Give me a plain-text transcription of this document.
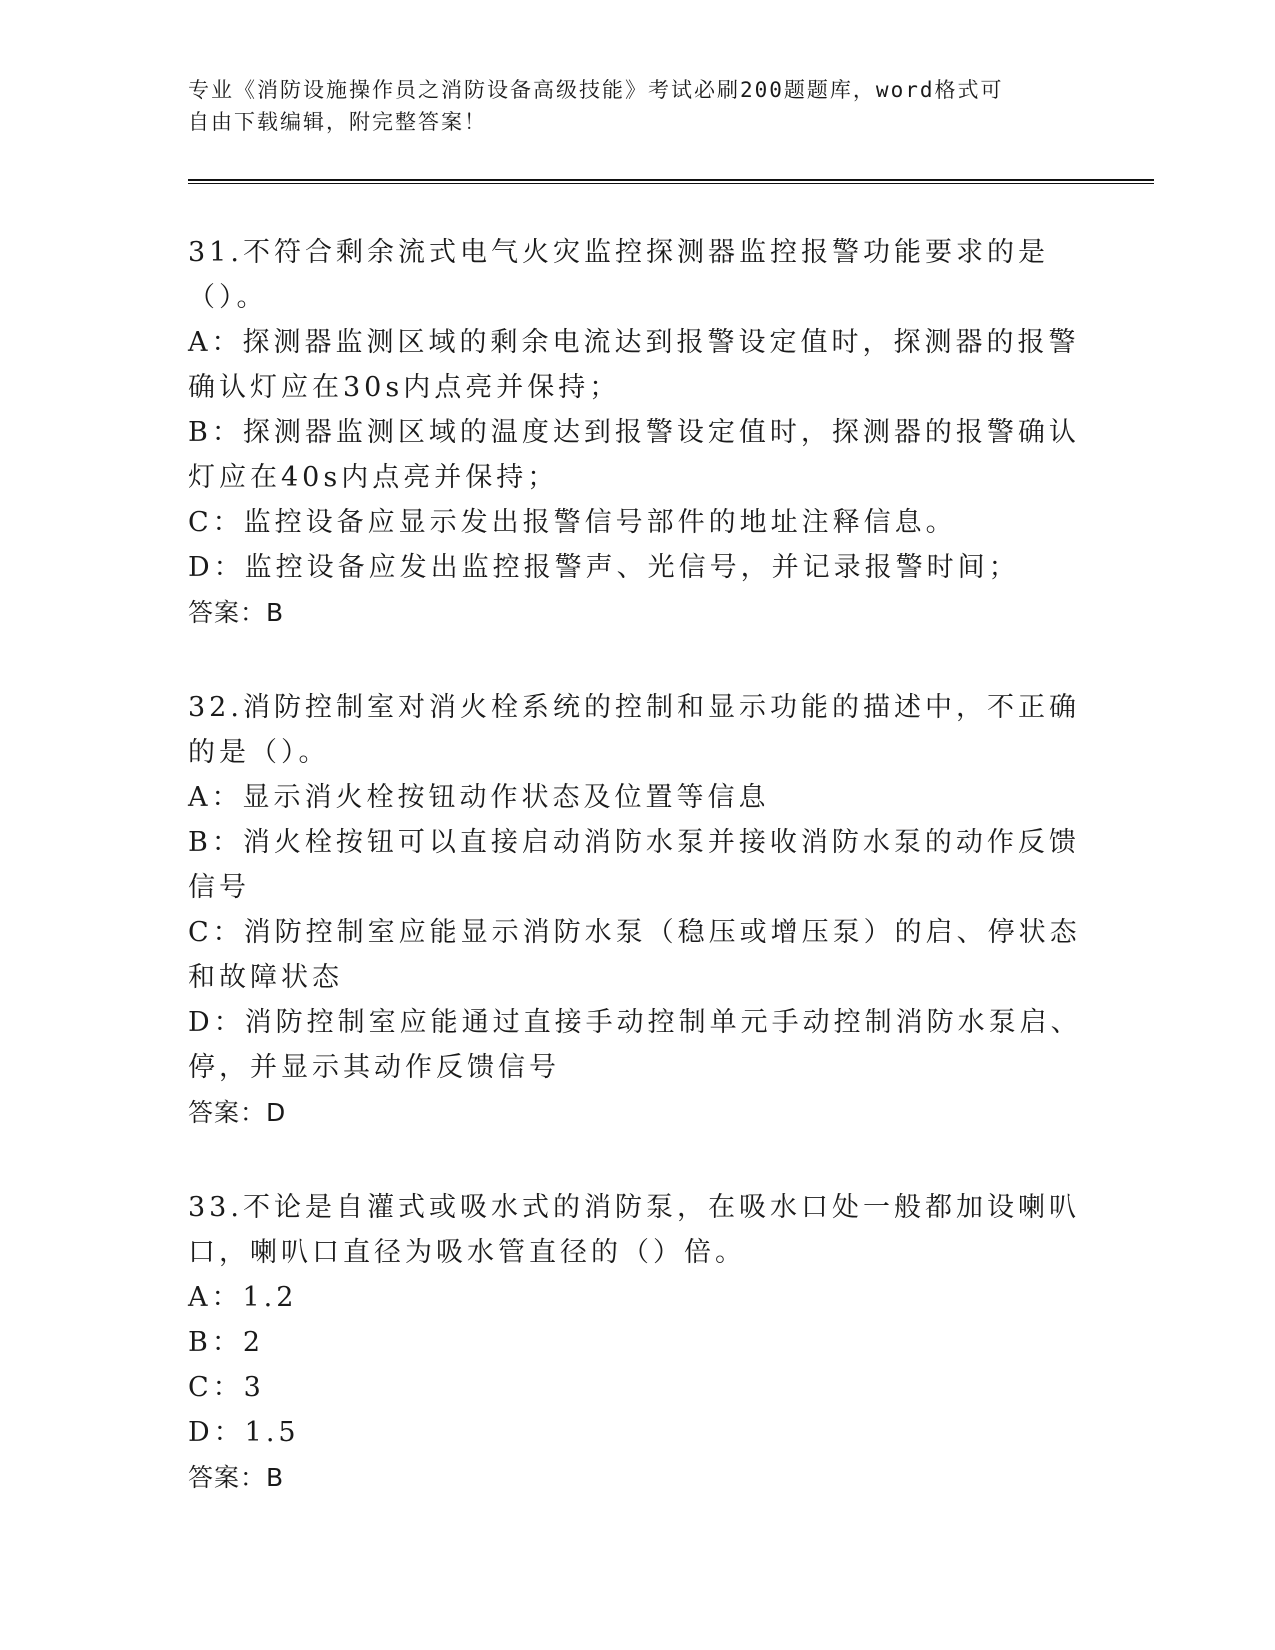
专业《消防设施操作员之消防设备高级技能》考试必刷200题题库，word格式可
自由下载编辑，附完整答案！

31.不符合剩余流式电气火灾监控探测器监控报警功能要求的是（）。

A：探测器监测区域的剩余电流达到报警设定值时，探测器的报警确认灯应在30s内点亮并保持；

B：探测器监测区域的温度达到报警设定值时，探测器的报警确认灯应在40s内点亮并保持；

C：监控设备应显示发出报警信号部件的地址注释信息。

D：监控设备应发出监控报警声、光信号，并记录报警时间；

答案：B

32.消防控制室对消火栓系统的控制和显示功能的描述中，不正确的是（）。

A：显示消火栓按钮动作状态及位置等信息

B：消火栓按钮可以直接启动消防水泵并接收消防水泵的动作反馈信号

C：消防控制室应能显示消防水泵（稳压或增压泵）的启、停状态和故障状态

D：消防控制室应能通过直接手动控制单元手动控制消防水泵启、停，并显示其动作反馈信号

答案：D

33.不论是自灌式或吸水式的消防泵，在吸水口处一般都加设喇叭口，喇叭口直径为吸水管直径的（）倍。

A：1.2

B：2

C：3

D：1.5

答案：B
